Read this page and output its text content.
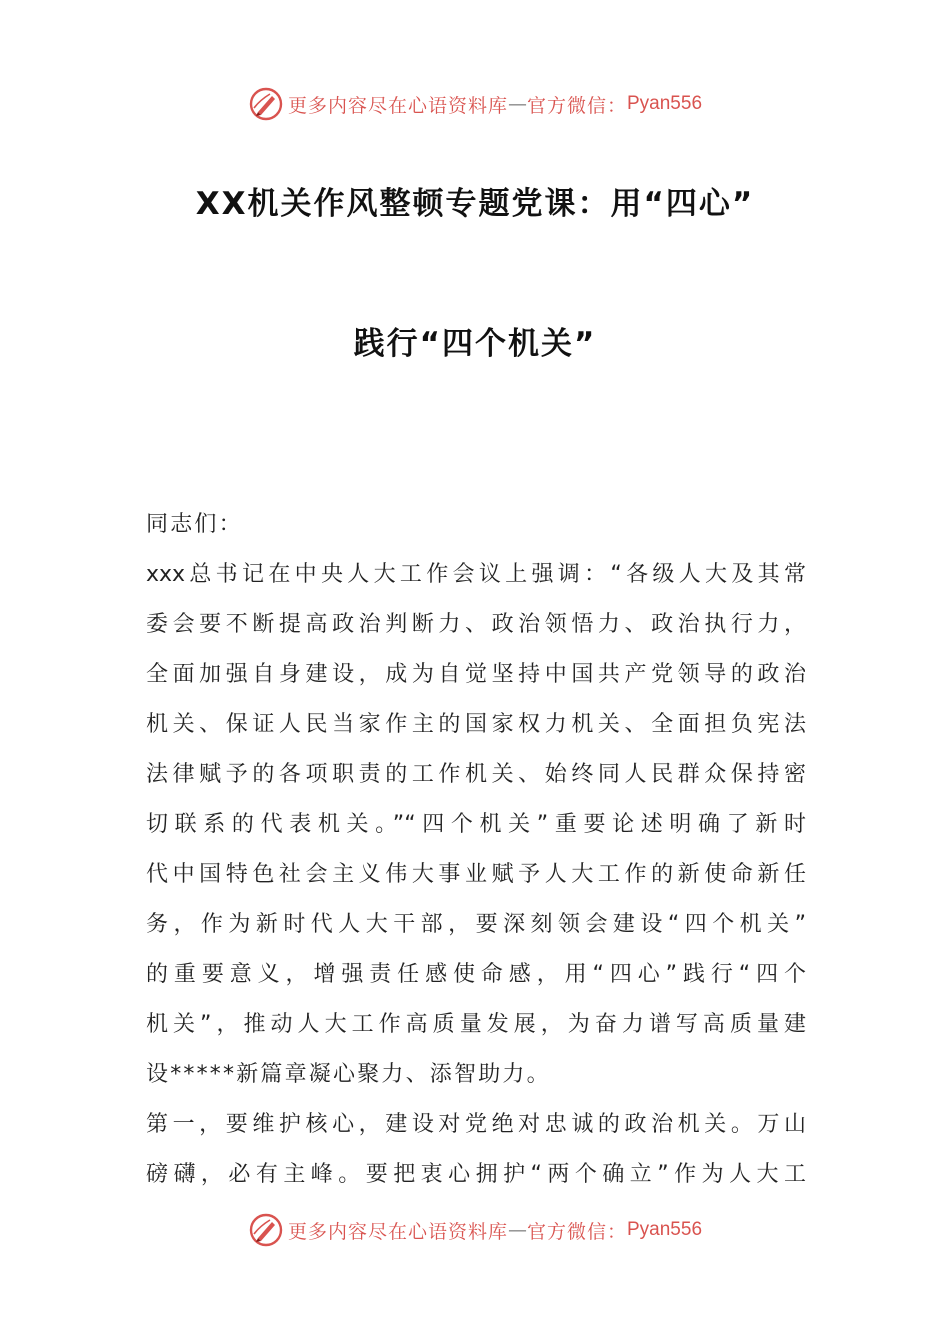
更多内容尽在心语资料库 — 官方微信： Pyan556
XX机关作风整顿专题党课：用“四心”
践行“四个机关”
同志们：
xxx总书记在中央人大工作会议上强调：“各级人大及其常
委会要不断提高政治判断力、政治领悟力、政治执行力，
全面加强自身建设，成为自觉坚持中国共产党领导的政治
机关、保证人民当家作主的国家权力机关、全面担负宪法
法律赋予的各项职责的工作机关、始终同人民群众保持密
切联系的代表机关。”“四个机关”重要论述明确了新时
代中国特色社会主义伟大事业赋予人大工作的新使命新任
务，作为新时代人大干部，要深刻领会建设“四个机关”
的重要意义，增强责任感使命感，用“四心”践行“四个
机关”，推动人大工作高质量发展，为奋力谱写高质量建
设*****新篇章凝心聚力、添智助力。
第一，要维护核心，建设对党绝对忠诚的政治机关。万山
磅礴，必有主峰。要把衷心拥护“两个确立”作为人大工
更多内容尽在心语资料库 — 官方微信： Pyan556
